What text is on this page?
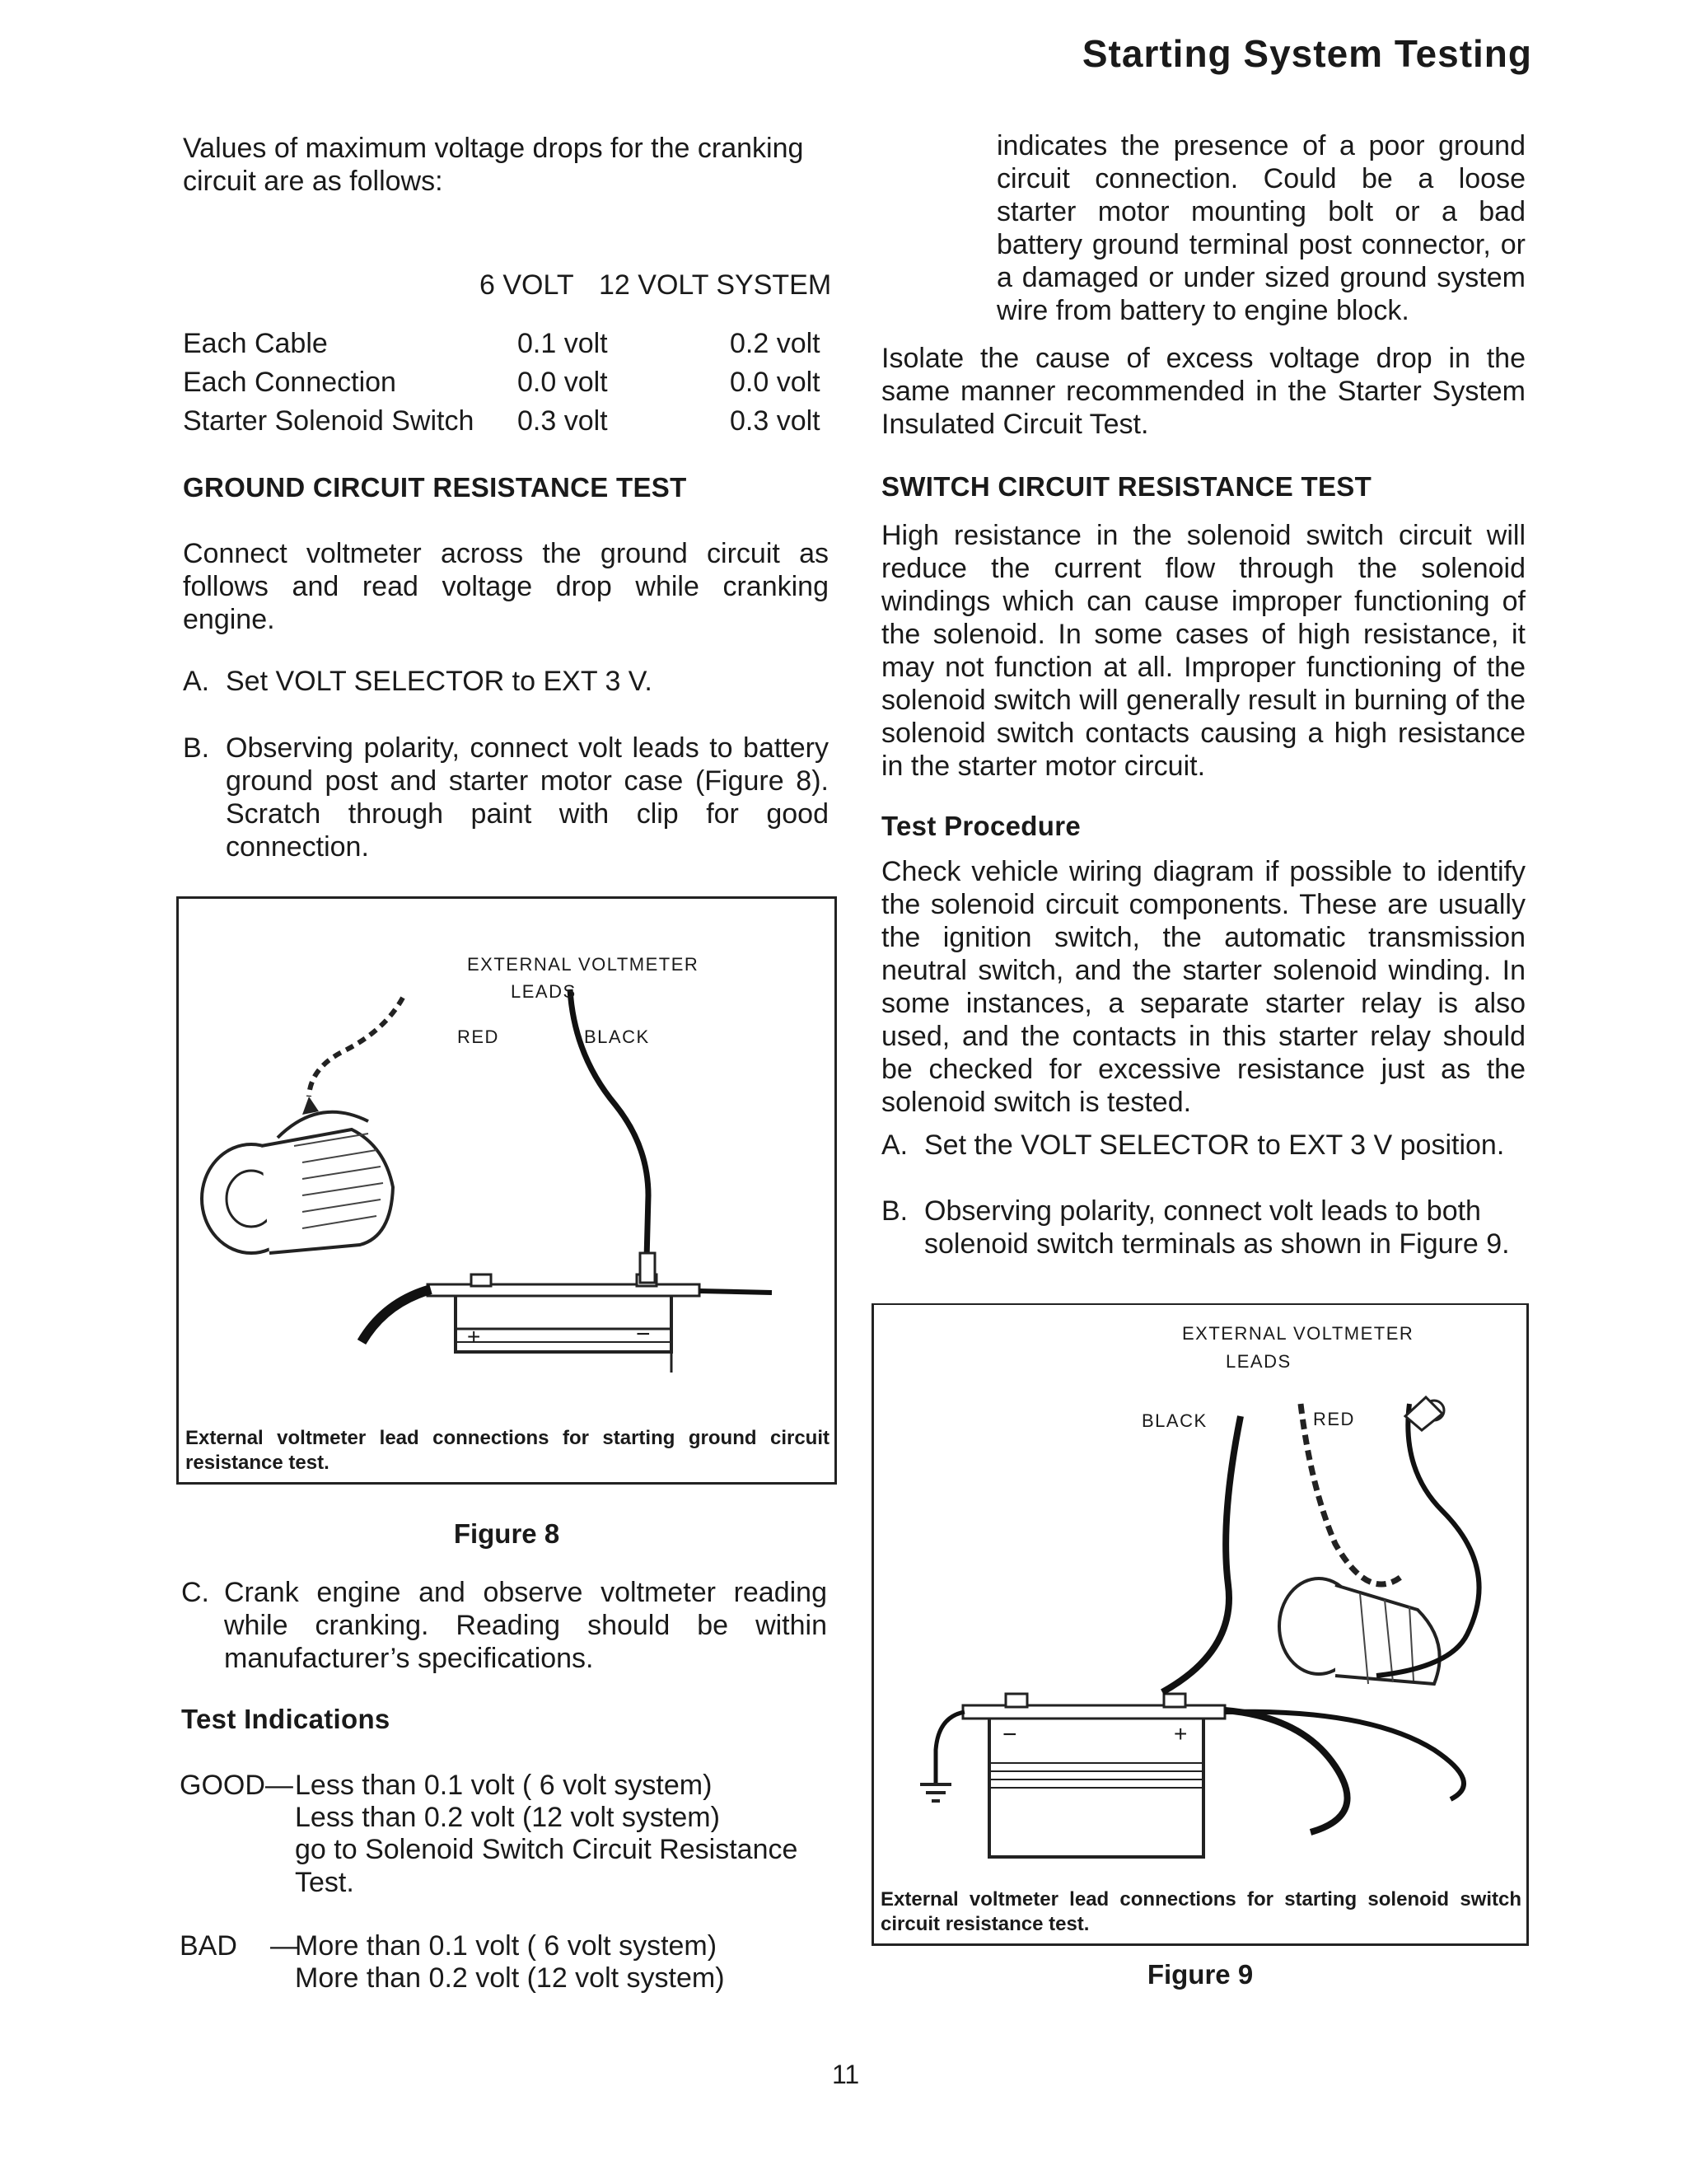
Starting System Testing
Values of maximum voltage drops for the cranking circuit are as follows:
6 VOLT 12 VOLT SYSTEM
Each Cable	0.1 volt	0.2 volt
Each Connection	0.0 volt	0.0 volt
Starter Solenoid Switch 0.3 volt	0.3 volt
GROUND CIRCUIT RESISTANCE TEST
Connect voltmeter across the ground circuit as follows and read voltage drop while cranking engine.
A. Set VOLT SELECTOR to EXT 3 V.
B. Observing polarity, connect volt leads to battery ground post and starter motor case (Figure 8). Scratch through paint with clip for good connection.
EXTERNAL VOLTMETER
LEADS
RED	BLACK
+	−
External voltmeter lead connections for starting ground circuit resistance test.
Figure 8
C. Crank engine and observe voltmeter reading while cranking. Reading should be within manufacturer’s specifications.
Test Indications
GOOD— Less than 0.1 volt ( 6 volt system)
Less than 0.2 volt (12 volt system)
go to Solenoid Switch Circuit Resistance Test.
BAD —
More than 0.1 volt ( 6 volt system)
More than 0.2 volt (12 volt system)
indicates the presence of a poor ground circuit connection. Could be a loose starter motor mounting bolt or a bad battery ground terminal post connector, or a damaged or under sized ground system wire from battery to engine block.
Isolate the cause of excess voltage drop in the same manner recommended in the Starter System Insulated Circuit Test.
SWITCH CIRCUIT RESISTANCE TEST
High resistance in the solenoid switch circuit will reduce the current flow through the solenoid windings which can cause improper functioning of the solenoid. In some cases of high resistance, it may not function at all. Improper functioning of the solenoid switch will generally result in burning of the solenoid switch contacts causing a high resistance in the starter motor circuit.
Test Procedure
Check vehicle wiring diagram if possible to identify the solenoid circuit components. These are usually the ignition switch, the automatic transmission neutral switch, and the starter solenoid winding. In some instances, a separate starter relay is also used, and the contacts in this starter relay should be checked for excessive resistance just as the solenoid switch is tested.
A. Set the VOLT SELECTOR to EXT 3 V position.
B. Observing polarity, connect volt leads to both solenoid switch terminals as shown in Figure 9.
EXTERNAL VOLTMETER
LEADS
BLACK	RED
−	+
External voltmeter lead connections for starting solenoid switch circuit resistance test.
Figure 9
11
